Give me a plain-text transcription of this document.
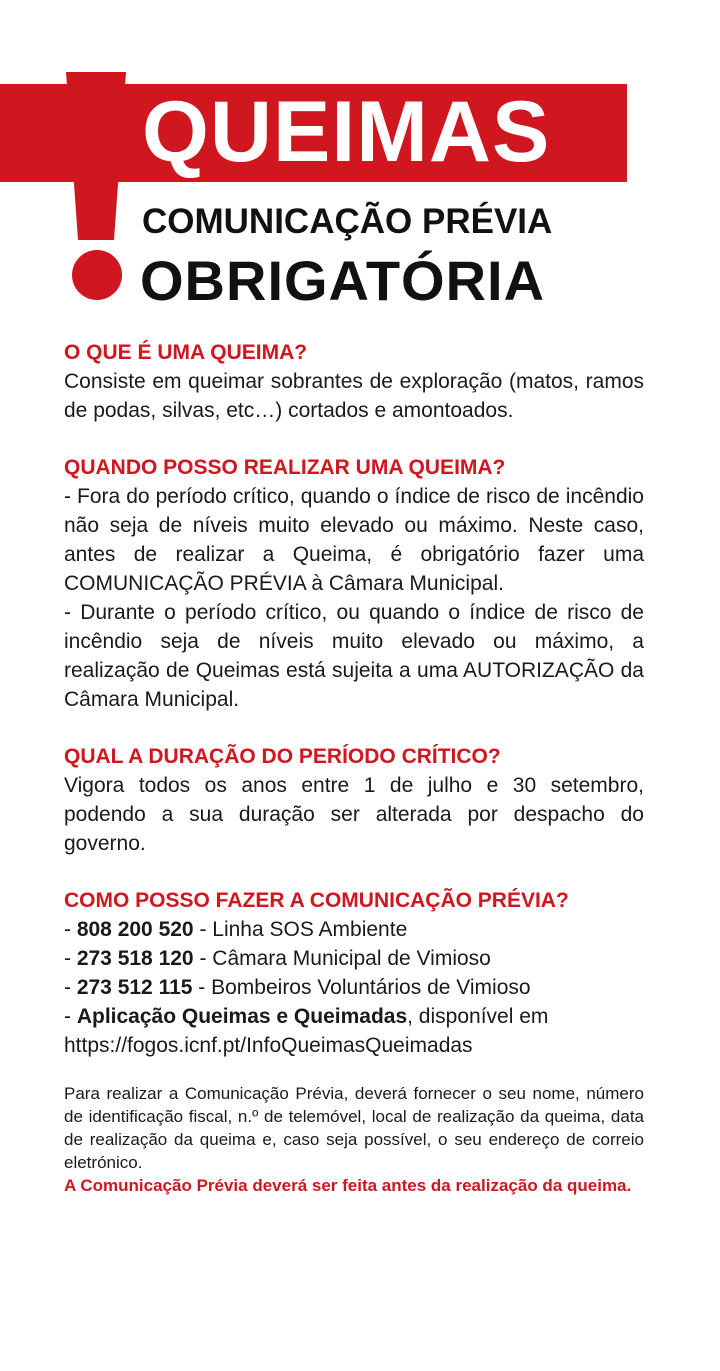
QUEIMAS
COMUNICAÇÃO PRÉVIA
OBRIGATÓRIA

O QUE É UMA QUEIMA?

Consiste em queimar sobrantes de exploração (matos, ramos de podas, silvas, etc…) cortados e amontoados.

QUANDO POSSO REALIZAR UMA QUEIMA?

- Fora do período crítico, quando o índice de risco de incêndio não seja de níveis muito elevado ou máximo. Neste caso, antes de realizar a Queima, é obrigatório fazer uma COMUNICAÇÃO PRÉVIA à Câmara Municipal.

- Durante o período crítico, ou quando o índice de risco de incêndio seja de níveis muito elevado ou máximo, a realização de Queimas está sujeita a uma AUTORIZAÇÃO da Câmara Municipal.

QUAL A DURAÇÃO DO PERÍODO CRÍTICO?

Vigora todos os anos entre 1 de julho e 30 setembro, podendo a sua duração ser alterada por despacho do governo.

COMO POSSO FAZER A COMUNICAÇÃO PRÉVIA?

- 808 200 520 - Linha SOS Ambiente
- 273 518 120 - Câmara Municipal de Vimioso
- 273 512 115 - Bombeiros Voluntários de Vimioso
- Aplicação Queimas e Queimadas, disponível em
https://fogos.icnf.pt/InfoQueimasQueimadas

Para realizar a Comunicação Prévia, deverá fornecer o seu nome, número de identificação fiscal, n.º de telemóvel, local de realização da queima, data de realização da queima e, caso seja possível, o seu endereço de correio eletrónico.

A Comunicação Prévia deverá ser feita antes da realização da queima.
